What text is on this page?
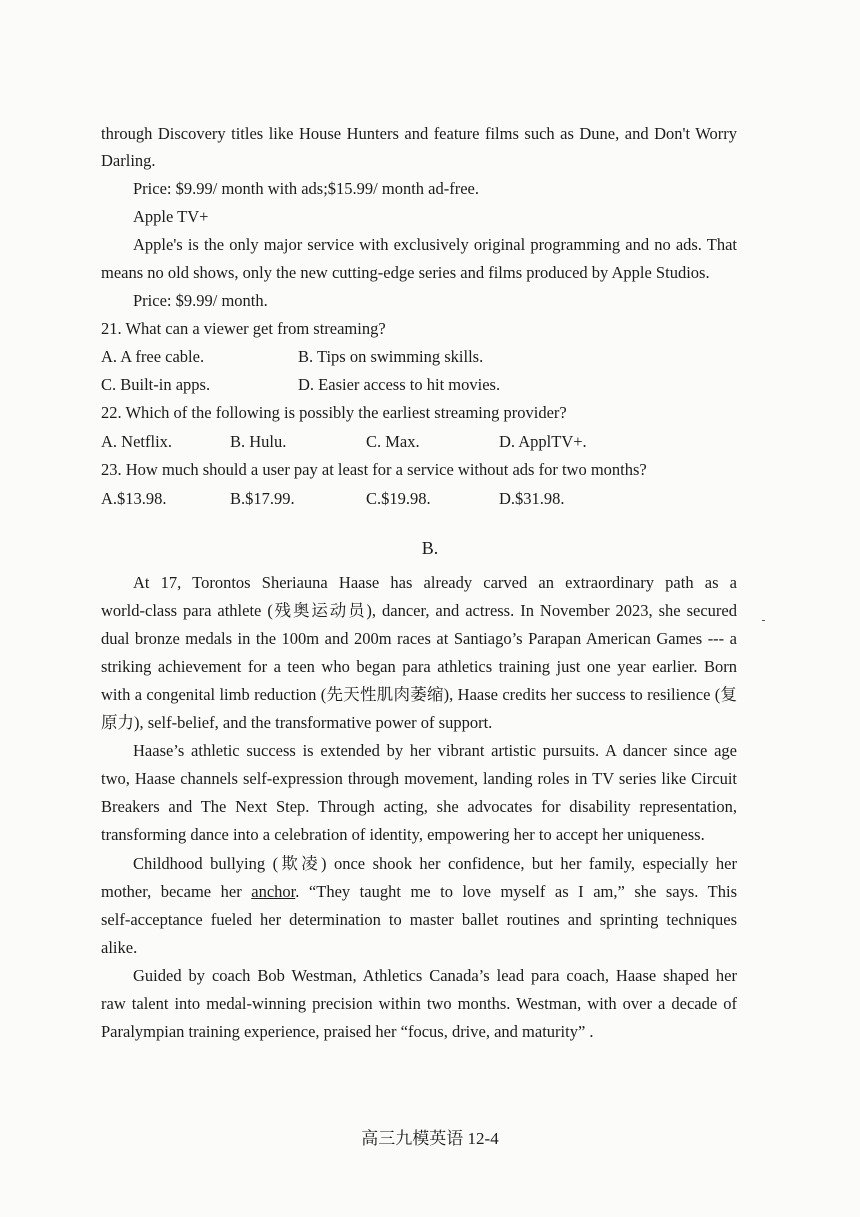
through Discovery titles like House Hunters and feature films such as Dune, and Don't Worry
Darling.
Price: $9.99/ month with ads;$15.99/ month ad-free.
Apple TV+
Apple's is the only major service with exclusively original programming and no ads. That
means no old shows, only the new cutting-edge series and films produced by Apple Studios.
Price: $9.99/ month.
21. What can a viewer get from streaming?
A. A free cable.	B. Tips on swimming skills.
C. Built-in apps.	D. Easier access to hit movies.
22. Which of the following is possibly the earliest streaming provider?
A. Netflix.	B. Hulu.	C. Max.	D. ApplTV+.
23. How much should a user pay at least for a service without ads for two months?
A.$13.98.	B.$17.99.	C.$19.98.	D.$31.98.
B.
At 17, Torontos Sheriauna Haase has already carved an extraordinary path as a
world-class para athlete (残奥运动员), dancer, and actress. In November 2023, she secured
dual bronze medals in the 100m and 200m races at Santiago’s Parapan American Games --- a
striking achievement for a teen who began para athletics training just one year earlier. Born
with a congenital limb reduction (先天性肌肉萎缩), Haase credits her success to resilience (复
原力), self-belief, and the transformative power of support.
Haase’s athletic success is extended by her vibrant artistic pursuits. A dancer since age
two, Haase channels self-expression through movement, landing roles in TV series like Circuit
Breakers and The Next Step. Through acting, she advocates for disability representation,
transforming dance into a celebration of identity, empowering her to accept her uniqueness.
Childhood bullying (欺凌) once shook her confidence, but her family, especially her
mother, became her anchor. “They taught me to love myself as I am,” she says. This
self-acceptance fueled her determination to master ballet routines and sprinting techniques
alike.
Guided by coach Bob Westman, Athletics Canada’s lead para coach, Haase shaped her
raw talent into medal-winning precision within two months. Westman, with over a decade of
Paralympian training experience, praised her “focus, drive, and maturity” .
高三九模英语 12-4
